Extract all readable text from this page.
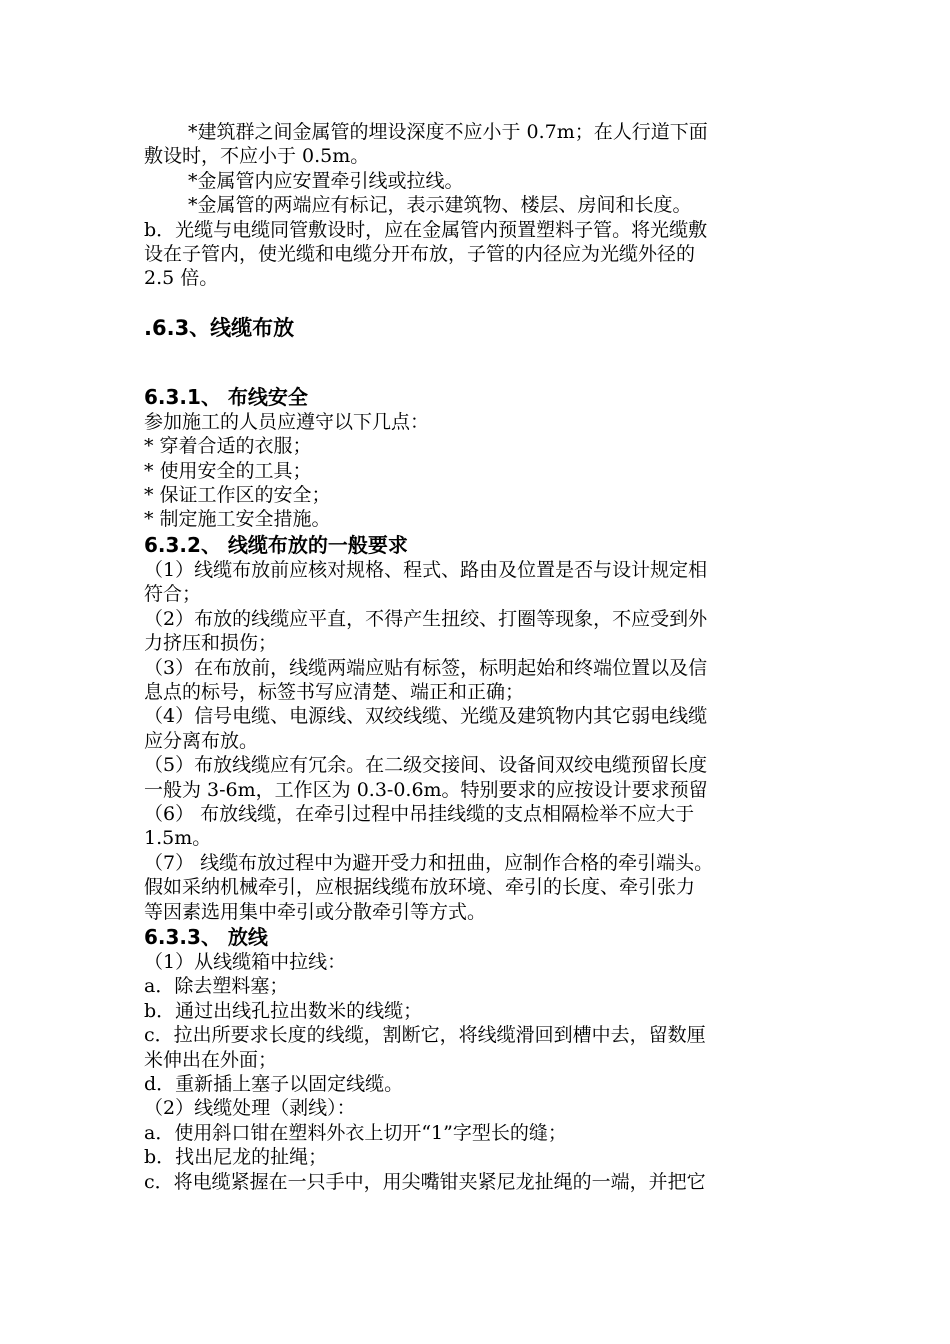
*建筑群之间金属管的埋设深度不应小于 0.7m；在人行道下面

敷设时，不应小于 0.5m。

*金属管内应安置牵引线或拉线。

*金属管的两端应有标记，表示建筑物、楼层、房间和长度。

b．光缆与电缆同管敷设时，应在金属管内预置塑料子管。将光缆敷

设在子管内，使光缆和电缆分开布放，子管的内径应为光缆外径的

2.5 倍。

.6.3、线缆布放

6.3.1、 布线安全

参加施工的人员应遵守以下几点：

* 穿着合适的衣服；

* 使用安全的工具；

* 保证工作区的安全；

* 制定施工安全措施。

6.3.2、 线缆布放的一般要求

（1）线缆布放前应核对规格、程式、路由及位置是否与设计规定相

符合；

（2）布放的线缆应平直，不得产生扭绞、打圈等现象，不应受到外

力挤压和损伤；

（3）在布放前，线缆两端应贴有标签，标明起始和终端位置以及信

息点的标号，标签书写应清楚、端正和正确；

（4）信号电缆、电源线、双绞线缆、光缆及建筑物内其它弱电线缆

应分离布放。

（5）布放线缆应有冗余。在二级交接间、设备间双绞电缆预留长度

一般为 3-6m，工作区为 0.3-0.6m。特别要求的应按设计要求预留

（6） 布放线缆，在牵引过程中吊挂线缆的支点相隔检举不应大于

1.5m。

（7） 线缆布放过程中为避开受力和扭曲，应制作合格的牵引端头。

假如采纳机械牵引，应根据线缆布放环境、牵引的长度、牵引张力

等因素选用集中牵引或分散牵引等方式。

6.3.3、 放线

（1）从线缆箱中拉线：

a．除去塑料塞；

b．通过出线孔拉出数米的线缆；

c．拉出所要求长度的线缆，割断它，将线缆滑回到槽中去，留数厘

米伸出在外面；

d．重新插上塞子以固定线缆。

（2）线缆处理（剥线）：

a．使用斜口钳在塑料外衣上切开“1”字型长的缝；

b．找出尼龙的扯绳；

c．将电缆紧握在一只手中，用尖嘴钳夹紧尼龙扯绳的一端，并把它
